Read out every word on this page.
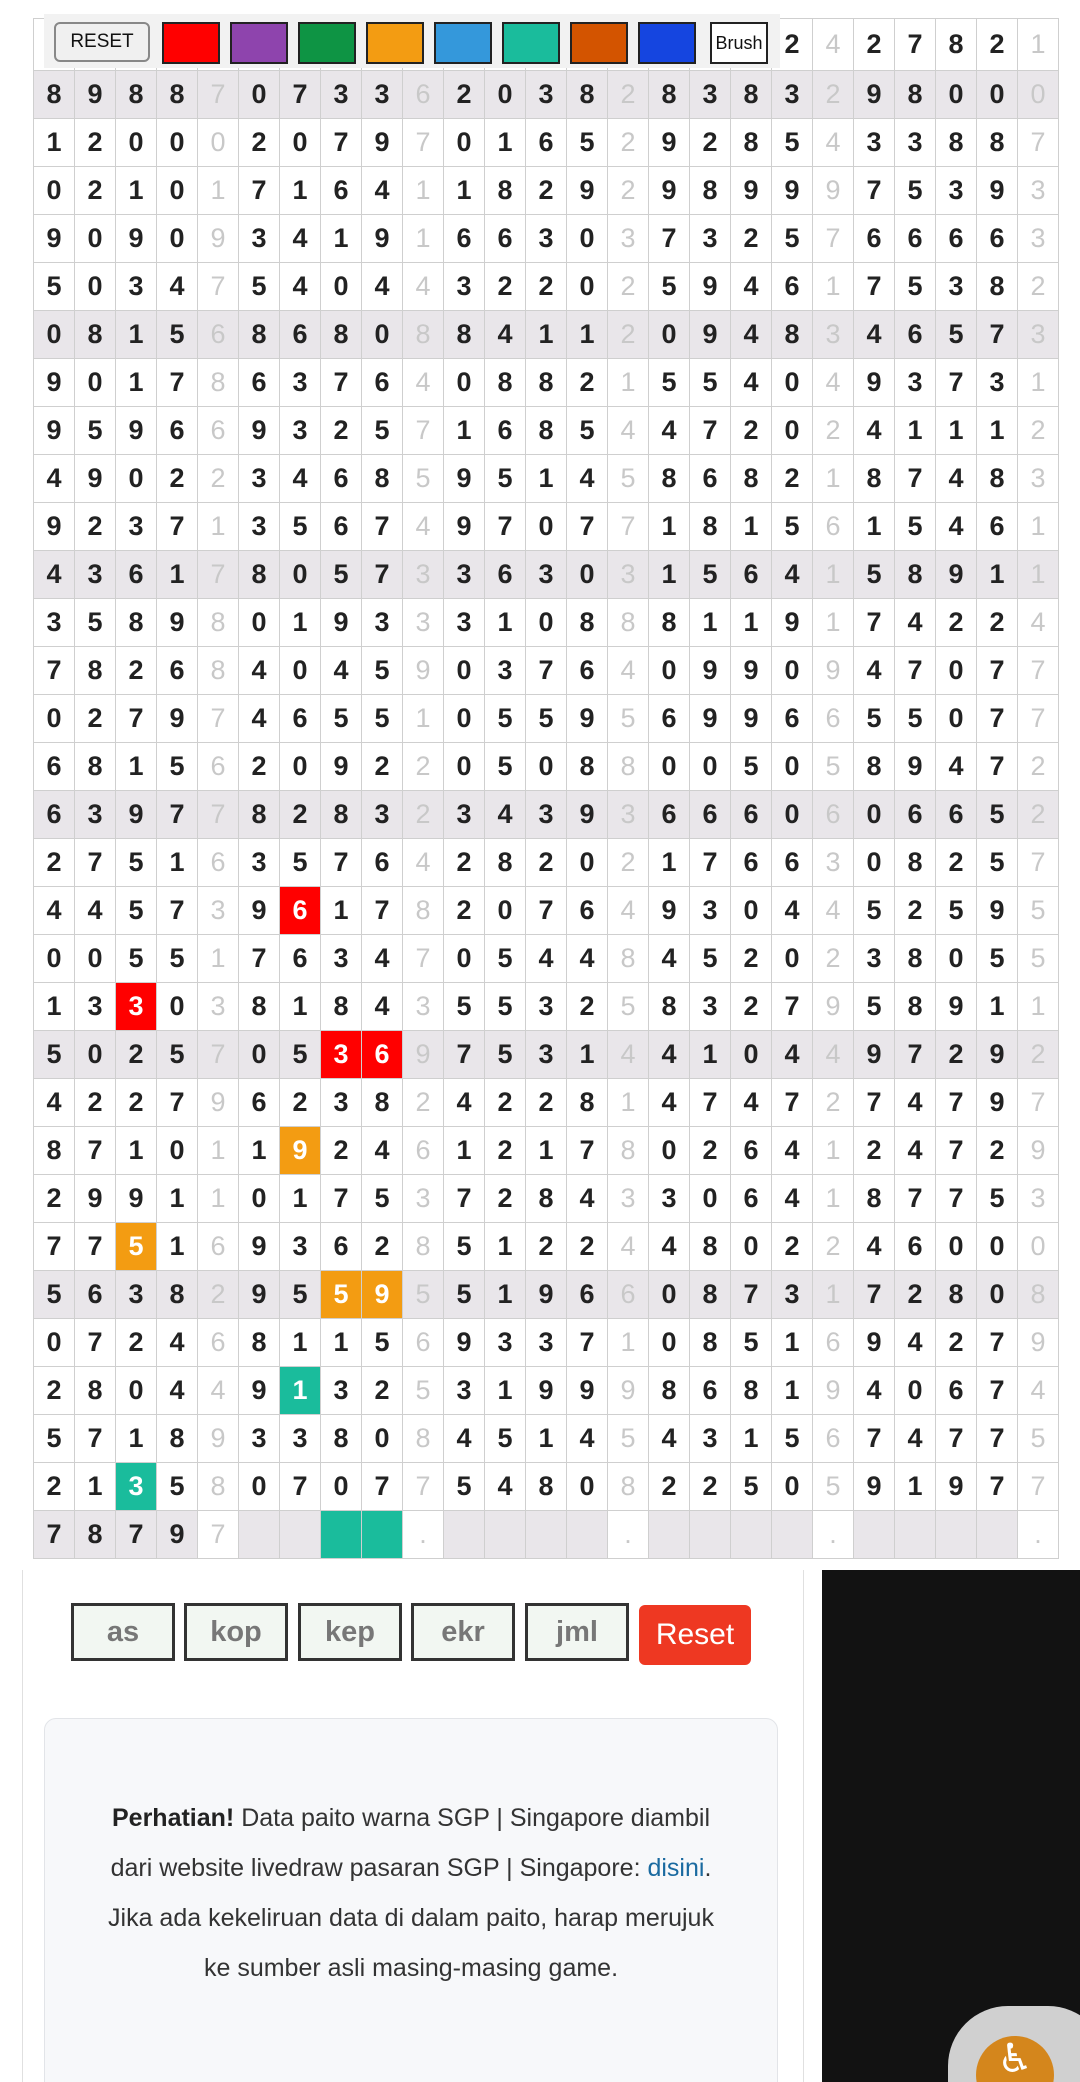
																		2	4	2	7	8	2	1
8	9	8	8	7	0	7	3	3	6	2	0	3	8	2	8	3	8	3	2	9	8	0	0	0
1	2	0	0	0	2	0	7	9	7	0	1	6	5	2	9	2	8	5	4	3	3	8	8	7
0	2	1	0	1	7	1	6	4	1	1	8	2	9	2	9	8	9	9	9	7	5	3	9	3
9	0	9	0	9	3	4	1	9	1	6	6	3	0	3	7	3	2	5	7	6	6	6	6	3
5	0	3	4	7	5	4	0	4	4	3	2	2	0	2	5	9	4	6	1	7	5	3	8	2
0	8	1	5	6	8	6	8	0	8	8	4	1	1	2	0	9	4	8	3	4	6	5	7	3
9	0	1	7	8	6	3	7	6	4	0	8	8	2	1	5	5	4	0	4	9	3	7	3	1
9	5	9	6	6	9	3	2	5	7	1	6	8	5	4	4	7	2	0	2	4	1	1	1	2
4	9	0	2	2	3	4	6	8	5	9	5	1	4	5	8	6	8	2	1	8	7	4	8	3
9	2	3	7	1	3	5	6	7	4	9	7	0	7	7	1	8	1	5	6	1	5	4	6	1
4	3	6	1	7	8	0	5	7	3	3	6	3	0	3	1	5	6	4	1	5	8	9	1	1
3	5	8	9	8	0	1	9	3	3	3	1	0	8	8	8	1	1	9	1	7	4	2	2	4
7	8	2	6	8	4	0	4	5	9	0	3	7	6	4	0	9	9	0	9	4	7	0	7	7
0	2	7	9	7	4	6	5	5	1	0	5	5	9	5	6	9	9	6	6	5	5	0	7	7
6	8	1	5	6	2	0	9	2	2	0	5	0	8	8	0	0	5	0	5	8	9	4	7	2
6	3	9	7	7	8	2	8	3	2	3	4	3	9	3	6	6	6	0	6	0	6	6	5	2
2	7	5	1	6	3	5	7	6	4	2	8	2	0	2	1	7	6	6	3	0	8	2	5	7
4	4	5	7	3	9	6	1	7	8	2	0	7	6	4	9	3	0	4	4	5	2	5	9	5
0	0	5	5	1	7	6	3	4	7	0	5	4	4	8	4	5	2	0	2	3	8	0	5	5
1	3	3	0	3	8	1	8	4	3	5	5	3	2	5	8	3	2	7	9	5	8	9	1	1
5	0	2	5	7	0	5	3	6	9	7	5	3	1	4	4	1	0	4	4	9	7	2	9	2
4	2	2	7	9	6	2	3	8	2	4	2	2	8	1	4	7	4	7	2	7	4	7	9	7
8	7	1	0	1	1	9	2	4	6	1	2	1	7	8	0	2	6	4	1	2	4	7	2	9
2	9	9	1	1	0	1	7	5	3	7	2	8	4	3	3	0	6	4	1	8	7	7	5	3
7	7	5	1	6	9	3	6	2	8	5	1	2	2	4	4	8	0	2	2	4	6	0	0	0
5	6	3	8	2	9	5	5	9	5	5	1	9	6	6	0	8	7	3	1	7	2	8	0	8
0	7	2	4	6	8	1	1	5	6	9	3	3	7	1	0	8	5	1	6	9	4	2	7	9
2	8	0	4	4	9	1	3	2	5	3	1	9	9	9	8	6	8	1	9	4	0	6	7	4
5	7	1	8	9	3	3	8	0	8	4	5	1	4	5	4	3	1	5	6	7	4	7	7	5
2	1	3	5	8	0	7	0	7	7	5	4	8	0	8	2	2	5	0	5	9	1	9	7	7
7	8	7	9	7					.					.					.					.
RESET	Brush
as	kop	kep	ekr	jml	Reset
Perhatian! Data paito warna SGP | Singapore diambil dari website livedraw pasaran SGP | Singapore: disini. Jika ada kekeliruan data di dalam paito, harap merujuk ke sumber asli masing-masing game.
♿
